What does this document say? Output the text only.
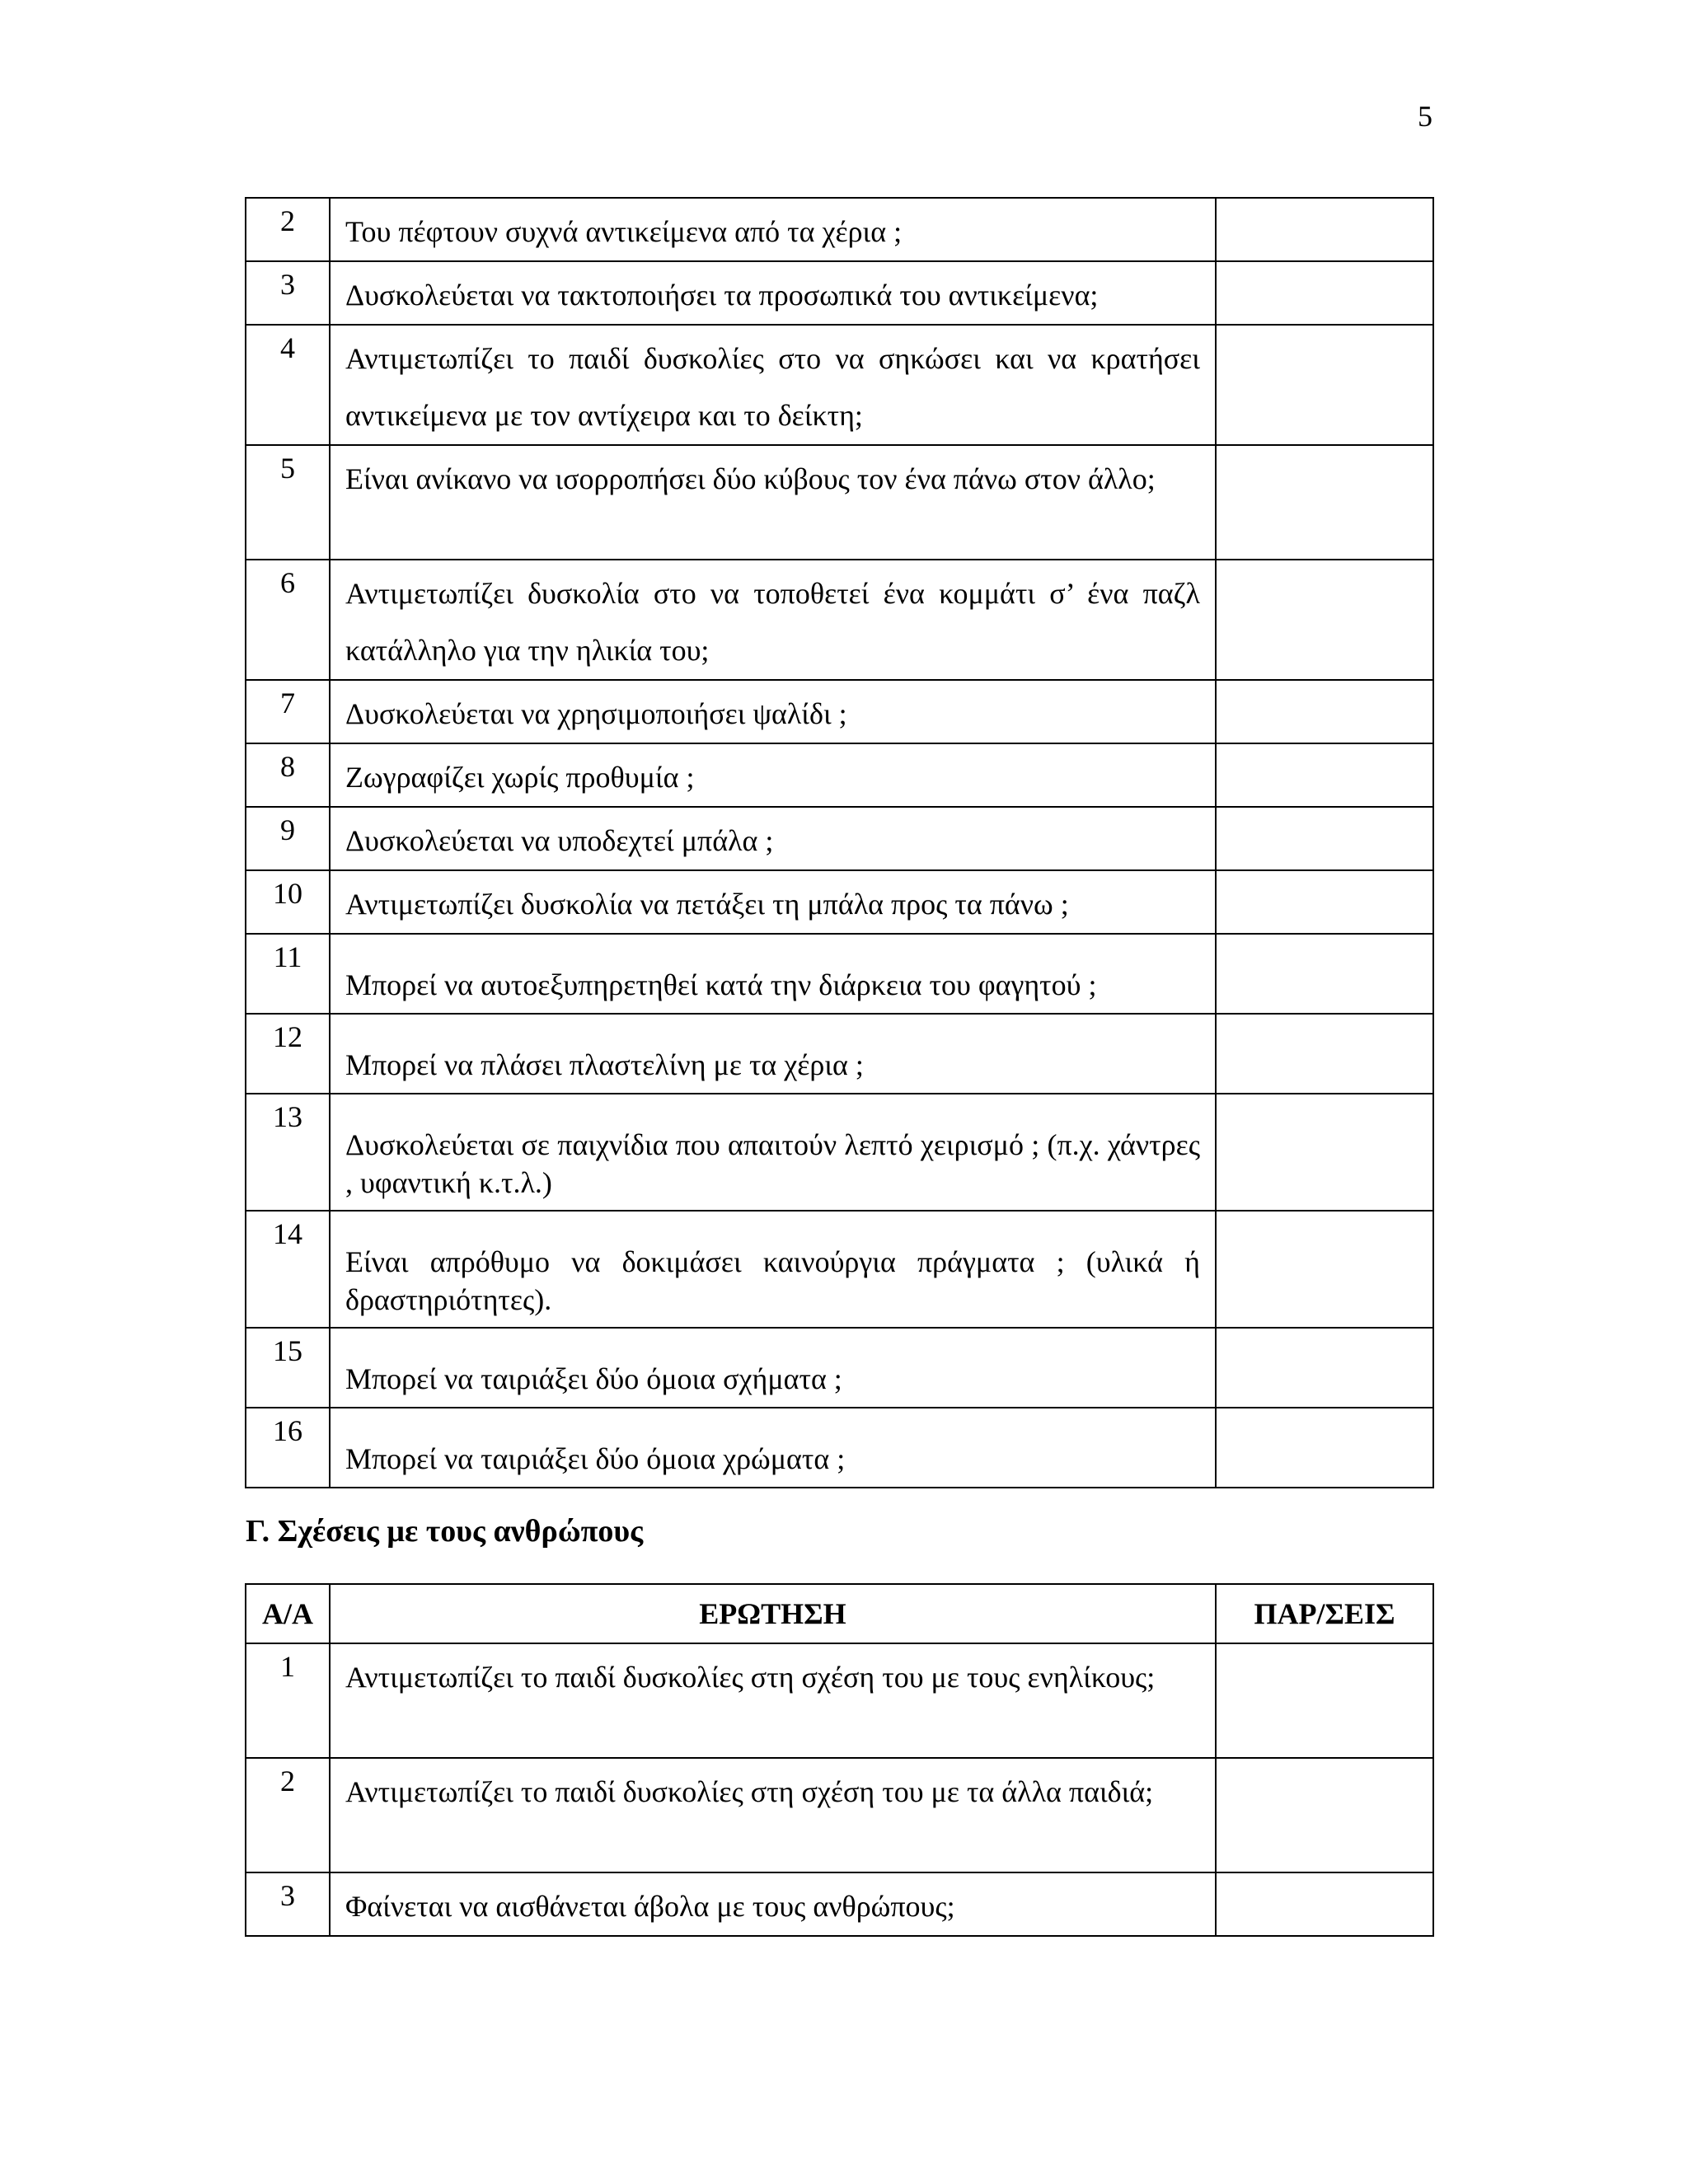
5
2	Του πέφτουν συχνά αντικείμενα από τα χέρια ;	
3	Δυσκολεύεται να τακτοποιήσει τα προσωπικά του αντικείμενα;	
4	Αντιμετωπίζει το παιδί δυσκολίες στο να σηκώσει και να κρατήσει αντικείμενα με τον αντίχειρα και το δείκτη;	
5	Είναι ανίκανο να ισορροπήσει δύο κύβους τον ένα πάνω στον άλλο;	
6	Αντιμετωπίζει δυσκολία στο να τοποθετεί ένα κομμάτι σ’ ένα παζλ κατάλληλο για την ηλικία του;	
7	Δυσκολεύεται να χρησιμοποιήσει ψαλίδι ;	
8	Ζωγραφίζει χωρίς προθυμία ;	
9	Δυσκολεύεται να υποδεχτεί μπάλα ;	
10	Αντιμετωπίζει δυσκολία να πετάξει τη μπάλα προς τα πάνω ;	
11	Μπορεί να αυτοεξυπηρετηθεί κατά την διάρκεια του φαγητού ;	
12	Μπορεί να πλάσει πλαστελίνη με τα χέρια ;	
13	Δυσκολεύεται σε παιχνίδια που απαιτούν λεπτό χειρισμό ; (π.χ. χάντρες , υφαντική κ.τ.λ.)	
14	Είναι απρόθυμο να δοκιμάσει καινούργια πράγματα ; (υλικά ή δραστηριότητες).	
15	Μπορεί να ταιριάξει δύο όμοια σχήματα ;	
16	Μπορεί να ταιριάξει δύο όμοια χρώματα ;	
Γ. Σχέσεις με τους ανθρώπους
Α/Α	ΕΡΩΤΗΣΗ	ΠΑΡ/ΣΕΙΣ
1	Αντιμετωπίζει το παιδί δυσκολίες στη σχέση του με τους ενηλίκους;	
2	Αντιμετωπίζει το παιδί δυσκολίες στη σχέση του με τα άλλα παιδιά;	
3	Φαίνεται να αισθάνεται άβολα με τους ανθρώπους;	
